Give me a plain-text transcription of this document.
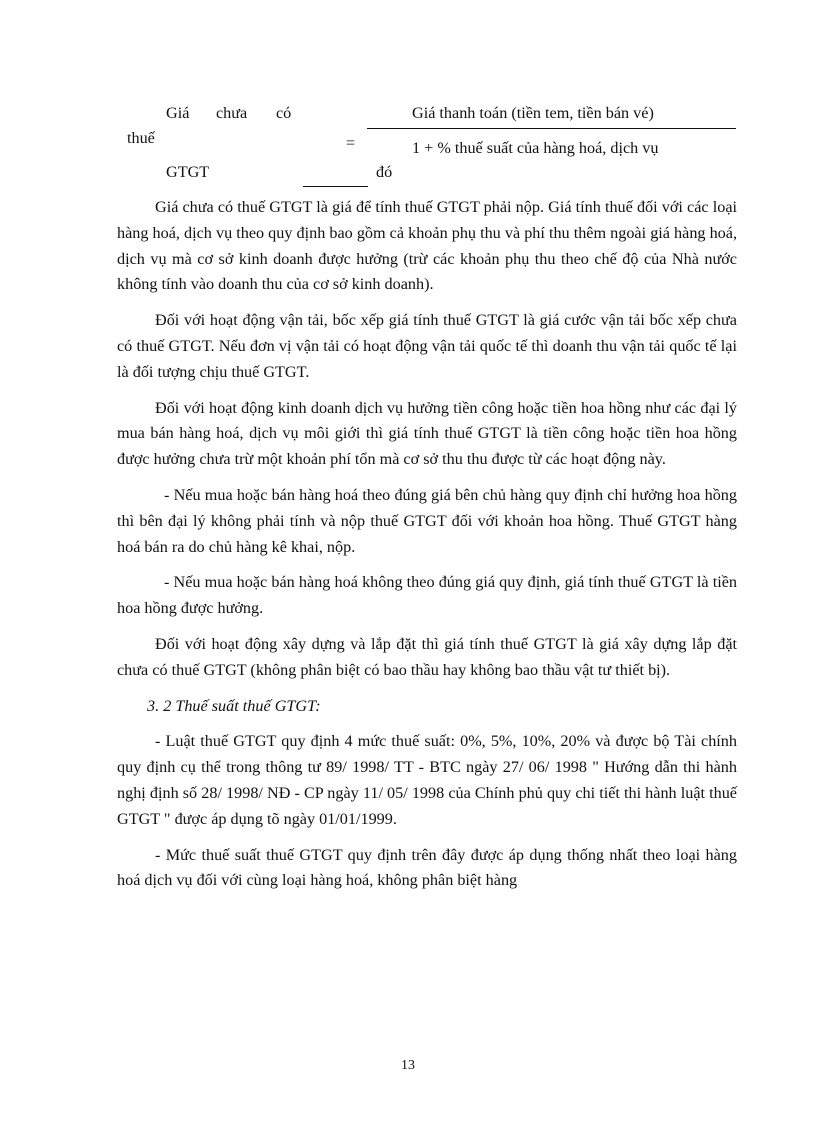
Giá chưa có
thuế
GTGT
=
Giá thanh toán (tiền tem, tiền bán vé)
1 + % thuế suất của hàng hoá, dịch vụ
đó

Giá chưa có thuế GTGT là giá để tính thuế GTGT phải nộp. Giá tính thuế đối với các loại hàng hoá, dịch vụ theo quy định bao gồm cả khoản phụ thu và phí thu thêm ngoài giá hàng hoá, dịch vụ mà cơ sở kinh doanh được hưởng (trừ các khoản phụ thu theo chế độ của Nhà nước không tính vào doanh thu của cơ sở kinh doanh).

Đối với hoạt động vận tải, bốc xếp giá tính thuế GTGT là giá cước vận tải bốc xếp chưa có thuế GTGT. Nếu đơn vị vận tải có hoạt động vận tải quốc tế thì doanh thu vận tải quốc tế lại là đối tượng chịu thuế GTGT.

Đối với hoạt động kinh doanh dịch vụ hưởng tiền công hoặc tiền hoa hồng như các đại lý mua bán hàng hoá, dịch vụ môi giới thì giá tính thuế GTGT là tiền công hoặc tiền hoa hồng được hưởng chưa trừ một khoản phí tổn mà cơ sở thu thu được từ các hoạt động này.

- Nếu mua hoặc bán hàng hoá theo đúng giá bên chủ hàng quy định chỉ hưởng hoa hồng thì bên đại lý không phải tính và nộp thuế GTGT đối với khoản hoa hồng. Thuế GTGT hàng hoá bán ra do chủ hàng kê khai, nộp.

- Nếu mua hoặc bán hàng hoá không theo đúng giá quy định, giá tính thuế GTGT là tiền hoa hồng được hưởng.

Đối với hoạt động xây dựng và lắp đặt thì giá tính thuế GTGT là giá xây dựng lắp đặt chưa có thuế GTGT (không phân biệt có bao thầu hay không bao thầu vật tư thiết bị).

3. 2 Thuế suất thuế GTGT:

- Luật thuế GTGT quy định 4 mức thuế suất: 0%, 5%, 10%, 20% và được bộ Tài chính quy định cụ thể trong thông tư 89/ 1998/ TT - BTC ngày 27/ 06/ 1998 " Hướng dẫn thi hành nghị định số 28/ 1998/ NĐ - CP ngày 11/ 05/ 1998 của Chính phủ quy chi tiết thi hành luật thuế GTGT " được áp dụng tõ ngày 01/01/1999.

- Mức thuế suất thuế GTGT quy định trên đây được áp dụng thống nhất theo loại hàng hoá dịch vụ đối với cùng loại hàng hoá, không phân biệt hàng

13
